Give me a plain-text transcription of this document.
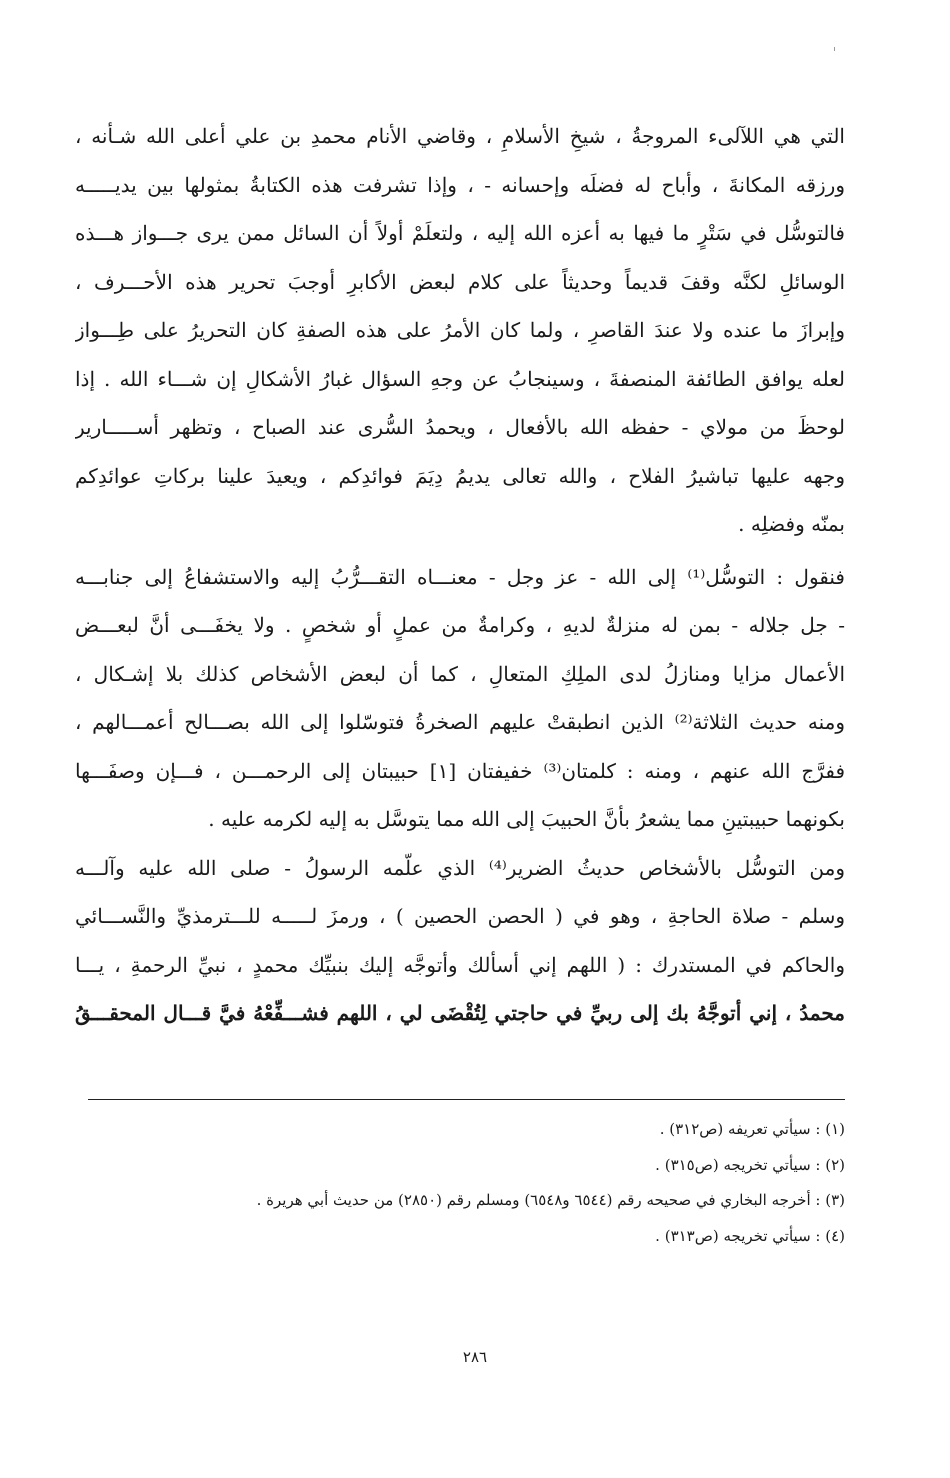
التي هي اللآلىء المروجةُ ، شيخِ الأسلامِ ، وقاضي الأنام محمدِ بن علي أعلى الله شـأنه ،
ورزقه المكانةَ ، وأباح له فضلَه وإحسانه - ، وإذا تشرفت هذه الكتابةُ بمثولها بين يديـــــه
فالتوسُّل في سَتْرٍ ما فيها به أعزه الله إليه ، ولتعلَمْ أولاً أن السائل ممن يرى جـــواز هـــذه
الوسائلِ لكنَّه وقفَ قديماً وحديثاً على كلام لبعض الأكابرِ أوجبَ تحرير هذه الأحـــرف ،
وإبرازَ ما عنده ولا عندَ القاصرِ ، ولما كان الأمرُ على هذه الصفةِ كان التحريرُ على طِـــواز
لعله يوافق الطائفة المنصفةَ ، وسينجابُ عن وجهِ السؤال غبارُ الأشكالِ إن شـــاء الله . إذا
لوحظَ من مولاي - حفظه الله بالأفعال ، ويحمدُ السُّرى عند الصباح ، وتظهر أســـــارير
وجهه عليها تباشيرُ الفلاح ، والله تعالى يديمُ دِيَمَ فوائدِكم ، ويعيدَ علينا بركاتِ عوائدِكم
بمنّه وفضلِه .
فنقول : التوسُّل⁽¹⁾ إلى الله - عز وجل - معنـــاه التقـــرُّبُ إليه والاستشفاعُ إلى جنابـــه
- جل جلاله - بمن له منزلةٌ لديهِ ، وكرامةٌ من عملٍ أو شخصٍ . ولا يخفَـــى أنَّ لبعـــض
الأعمال مزايا ومنازلُ لدى الملِكِ المتعالِ ، كما أن لبعض الأشخاص كذلك بلا إشـكال ،
ومنه حديث الثلاثة⁽²⁾ الذين انطبقتْ عليهم الصخرةُ فتوسّلوا إلى الله بصـــالح أعمـــالهم ،
ففرَّج الله عنهم ، ومنه : كلمتان⁽³⁾ خفيفتان [١] حبيبتان إلى الرحمـــن ، فـــإن وصفَـــها
بكونهما حبيبتينِ مما يشعرُ بأنَّ الحبيبَ إلى الله مما يتوسَّل به إليه لكرمه عليه .
ومن التوسُّل بالأشخاص حديثُ الضرير⁽⁴⁾ الذي علّمه الرسولُ - صلى الله عليه وآلـــه
وسلم - صلاة الحاجةِ ، وهو في ( الحصن الحصين ) ، ورمزَ لـــــه للـــترمذيِّ والنَّســـائي
والحاكم في المستدرك : ( اللهم إني أسألك وأتوجَّه إليك بنبيِّك محمدٍ ، نبيِّ الرحمةِ ، يـــا
محمدُ ، إني أتوجَّهُ بك إلى ربيِّ في حاجتي لِتُقْضَى لي ، اللهم فشـــفِّعْهُ فيَّ قـــال المحقـــقُ
(١) : سيأتي تعريفه (ص٣١٢) .
(٢) : سيأتي تخريجه (ص٣١٥) .
(٣) : أخرجه البخاري في صحيحه رقم (٦٥٤٤ و٦٥٤٨) ومسلم رقم (٢٨٥٠) من حديث أبي هريرة .
(٤) : سيأتي تخريجه (ص٣١٣) .
٢٨٦
